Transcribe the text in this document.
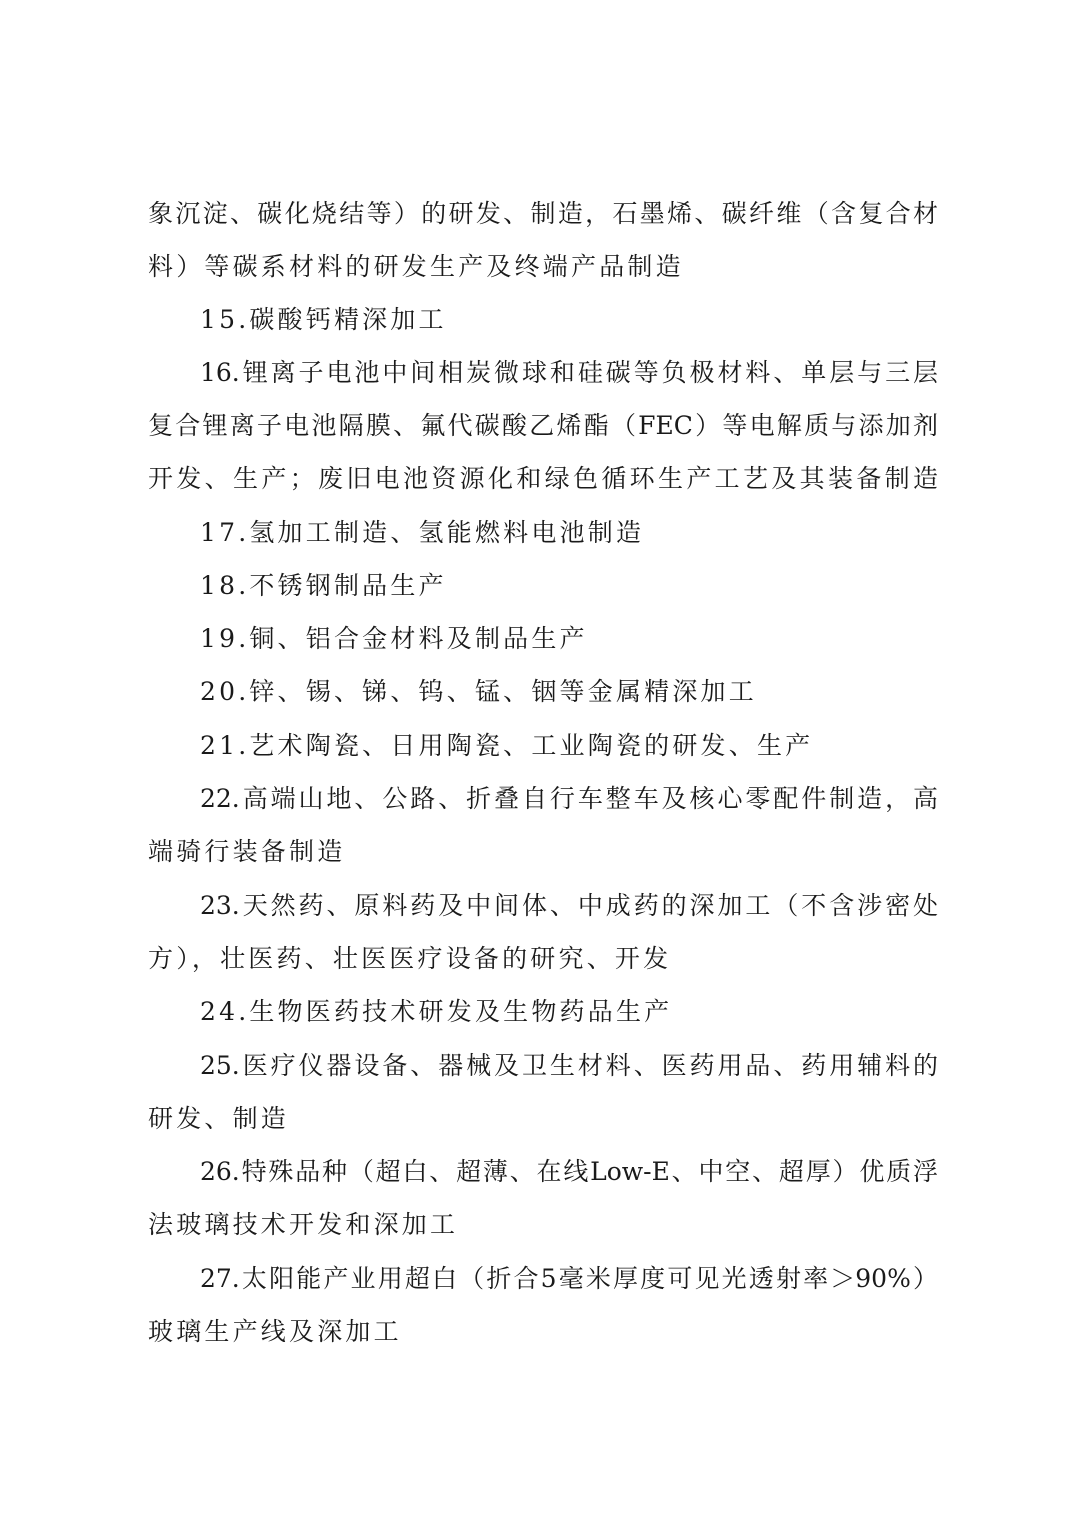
象沉淀、碳化烧结等）的研发、制造，石墨烯、碳纤维（含复合材
料）等碳系材料的研发生产及终端产品制造
15.碳酸钙精深加工
16.锂离子电池中间相炭微球和硅碳等负极材料、单层与三层
复合锂离子电池隔膜、氟代碳酸乙烯酯（FEC）等电解质与添加剂
开发、生产；废旧电池资源化和绿色循环生产工艺及其装备制造
17.氢加工制造、氢能燃料电池制造
18.不锈钢制品生产
19.铜、铝合金材料及制品生产
20.锌、锡、锑、钨、锰、铟等金属精深加工
21.艺术陶瓷、日用陶瓷、工业陶瓷的研发、生产
22.高端山地、公路、折叠自行车整车及核心零配件制造，高
端骑行装备制造
23.天然药、原料药及中间体、中成药的深加工（不含涉密处
方），壮医药、壮医医疗设备的研究、开发
24.生物医药技术研发及生物药品生产
25.医疗仪器设备、器械及卫生材料、医药用品、药用辅料的
研发、制造
26.特殊品种（超白、超薄、在线Low-E、中空、超厚）优质浮
法玻璃技术开发和深加工
27.太阳能产业用超白（折合5毫米厚度可见光透射率＞90%）
玻璃生产线及深加工
